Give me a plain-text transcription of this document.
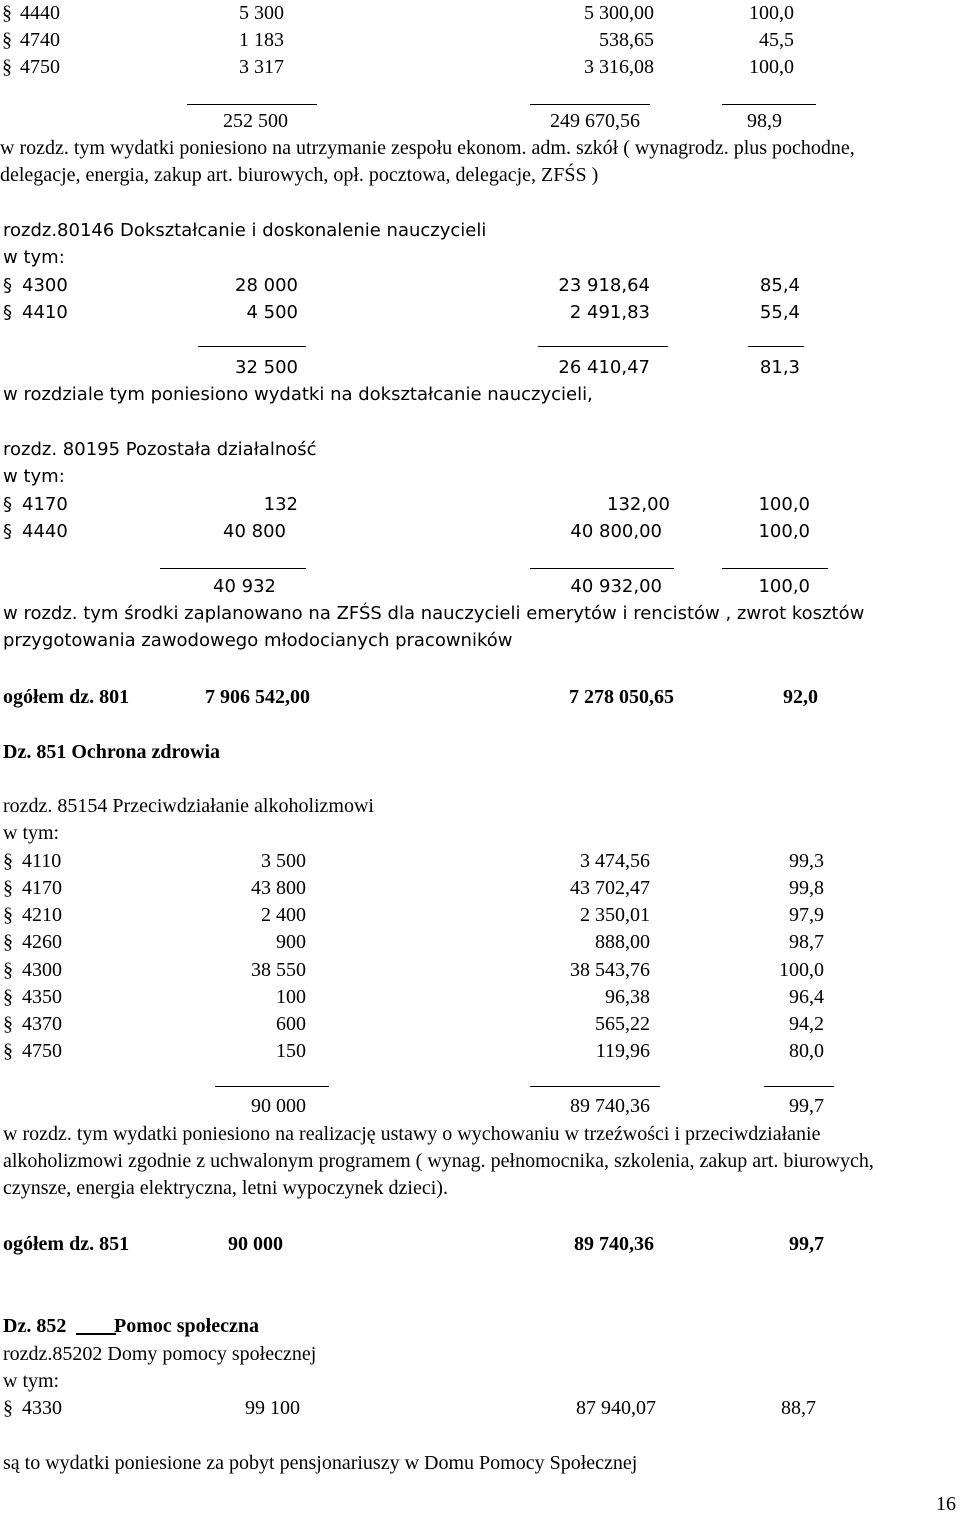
§ 4440	5 300	5 300,00	100,0
§ 4740	1 183	538,65	45,5
§ 4750	3 317	3 316,08	100,0
252 500	249 670,56	98,9
w rozdz. tym wydatki poniesiono na utrzymanie zespołu ekonom. adm. szkół ( wynagrodz. plus pochodne, delegacje, energia, zakup art. biurowych, opł. pocztowa, delegacje, ZFŚS )
rozdz.80146 Dokształcanie i doskonalenie nauczycieli
w tym:
§ 4300	28 000	23 918,64	85,4
§ 4410	4 500	2 491,83	55,4
32 500	26 410,47	81,3
w rozdziale tym poniesiono wydatki na dokształcanie nauczycieli,
rozdz. 80195 Pozostała działalność
w tym:
§ 4170	132	132,00	100,0
§ 4440	40 800	40 800,00	100,0
40 932	40 932,00	100,0
w rozdz. tym środki zaplanowano na ZFŚS dla nauczycieli emerytów i rencistów , zwrot kosztów przygotowania zawodowego młodocianych pracowników
ogółem dz. 801	7 906 542,00	7 278 050,65	92,0
Dz. 851 Ochrona zdrowia
rozdz. 85154 Przeciwdziałanie alkoholizmowi
w tym:
§ 4110	3 500	3 474,56	99,3
§ 4170	43 800	43 702,47	99,8
§ 4210	2 400	2 350,01	97,9
§ 4260	900	888,00	98,7
§ 4300	38 550	38 543,76	100,0
§ 4350	100	96,38	96,4
§ 4370	600	565,22	94,2
§ 4750	150	119,96	80,0
90 000	89 740,36	99,7
w rozdz. tym wydatki poniesiono na realizację ustawy o wychowaniu w trzeźwości i przeciwdziałanie alkoholizmowi zgodnie z uchwalonym programem ( wynag. pełnomocnika, szkolenia, zakup art. biurowych, czynsze, energia elektryczna, letni wypoczynek dzieci).
ogółem dz. 851	90 000	89 740,36	99,7
Dz. 852
Pomoc społeczna
rozdz.85202 Domy pomocy społecznej
w tym:
§ 4330	99 100	87 940,07	88,7
są to wydatki poniesione za pobyt pensjonariuszy w Domu Pomocy Społecznej
16
